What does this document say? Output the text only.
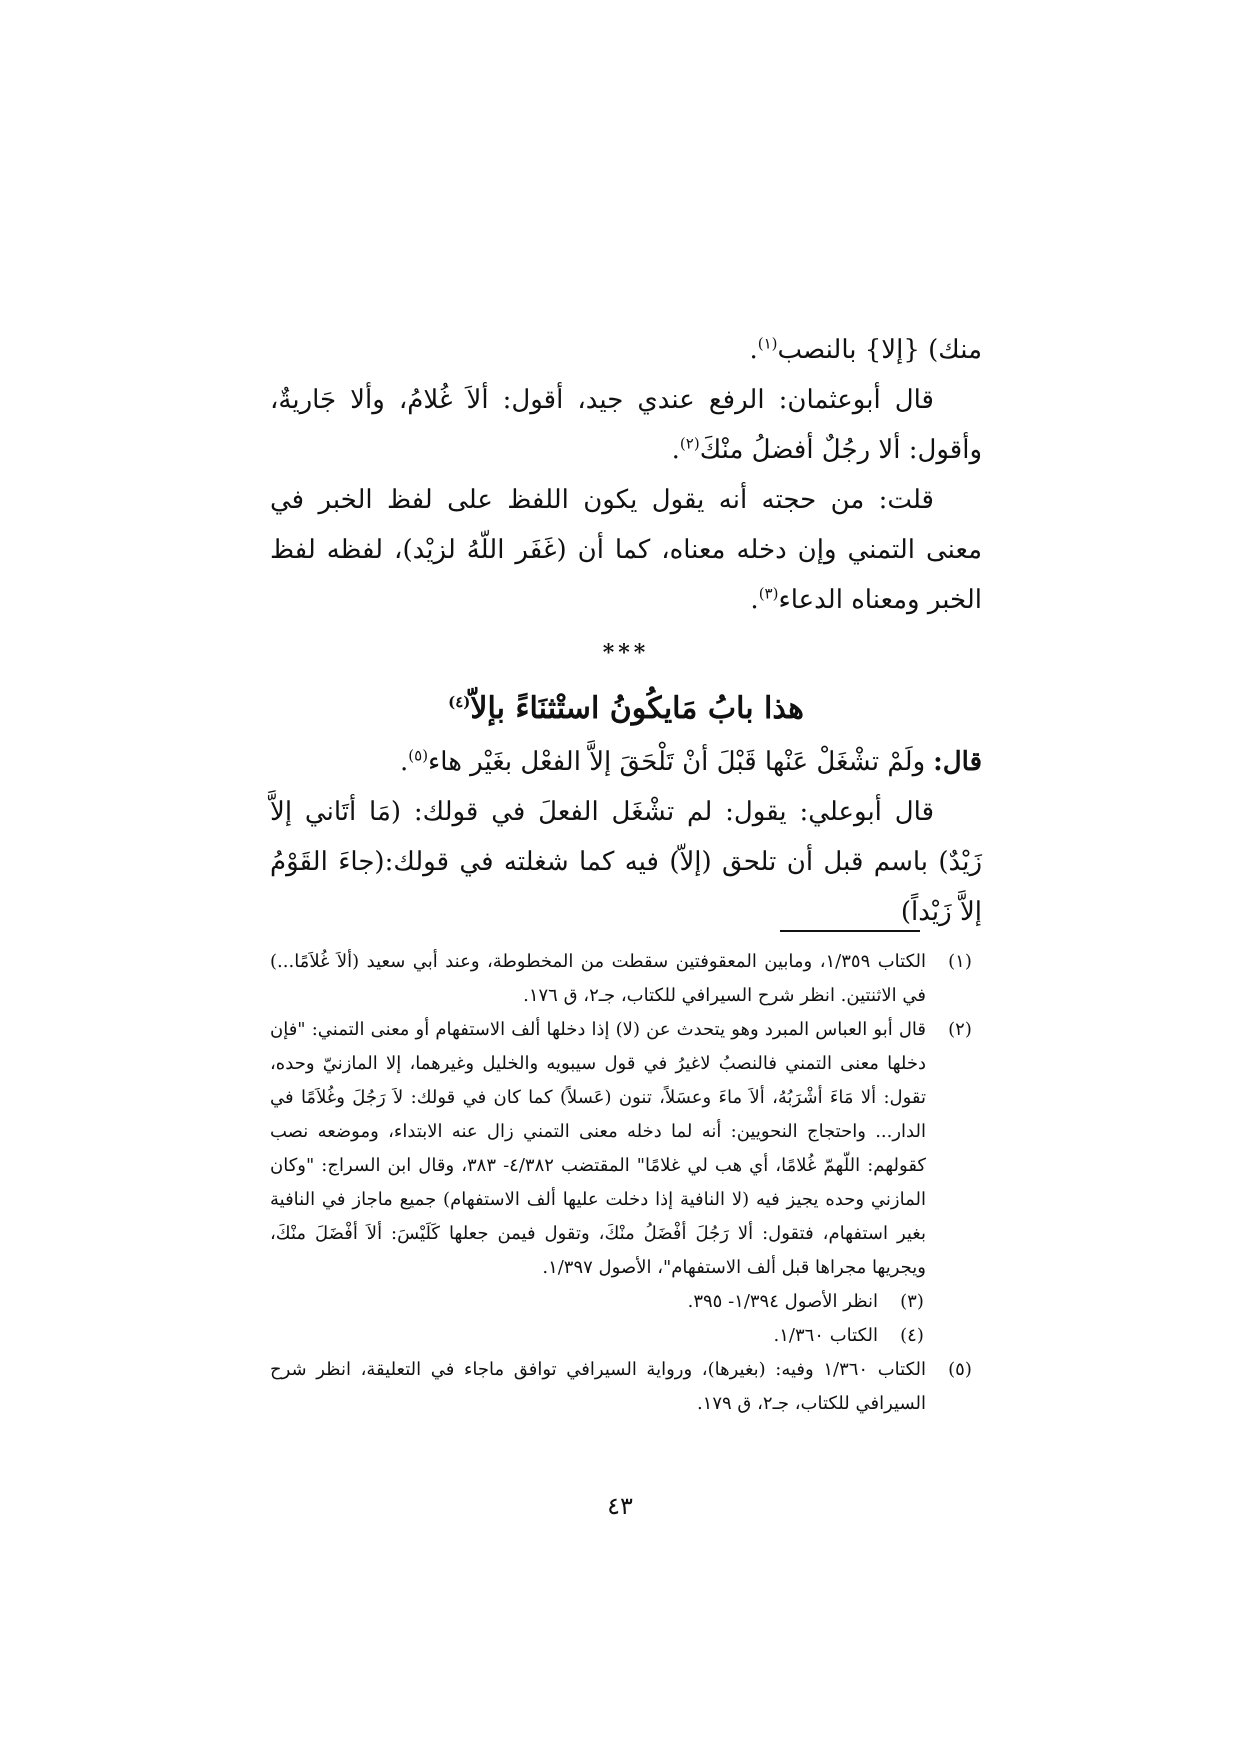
منك) {إلا} بالنصب$^{(١)}$.

قال أبوعثمان: الرفع عندي جيد، أقول: ألاَ غُلامُ، وألا جَاريةٌ، وأقول: ألا رجُلٌ أفضلُ منْكَ$^{(٢)}$.

قلت: من حجته أنه يقول يكون اللفظ على لفظ الخبر في معنى التمني وإن دخله معناه، كما أن (غَفَر اللّهُ لزيْد)، لفظه لفظ الخبر ومعناه الدعاء$^{(٣)}$.

***

هذا بابُ مَايكُونُ استْثنَاءً بإلاّ$^{(٤)}$

قال:ولَمْ تشْغَلْ عَنْها قَبْلَ أنْ تَلْحَقَ إلاَّ الفعْل بغَيْر هاء$^{(٥)}$.

قال أبوعلي: يقول: لم تشْغَل الفعلَ في قولك: (مَا أتَاني إلاَّ زَيْدٌ) باسم قبل أن تلحق (إلاّ) فيه كما شغلته في قولك:(جاءَ القَوْمُ إلاَّ زَيْداً)

(١)
الكتاب ١/٣٥٩، ومابين المعقوفتين سقطت من المخطوطة، وعند أبي سعيد (ألاَ غُلاَمًا...) في الاثنتين. انظر شرح السيرافي للكتاب، جـ٢، ق ١٧٦.

(٢)
قال أبو العباس المبرد وهو يتحدث عن (لا) إذا دخلها ألف الاستفهام أو معنى التمني: "فإن دخلها معنى التمني فالنصبُ لاغيرُ في قول سيبويه والخليل وغيرهما، إلا المازنيّ وحده، تقول: ألا مَاءَ أشْرَبُهُ، ألاَ ماءَ وعسَلاً، تنون (عَسلاً) كما كان في قولك: لاَ رَجُلَ وغُلاَمًا في الدار... واحتجاج النحويين: أنه لما دخله معنى التمني زال عنه الابتداء، وموضعه نصب كقولهم: اللّهمّ غُلامًا، أي هب لي غلامًا" المقتضب ٤/٣٨٢- ٣٨٣، وقال ابن السراج: "وكان المازني وحده يجيز فيه (لا النافية إذا دخلت عليها ألف الاستفهام) جميع ماجاز في النافية بغير استفهام، فتقول: ألا رَجُلَ أفْضَلُ منْكَ، وتقول فيمن جعلها كَلَيْسَ: ألاَ أفْضَلَ منْكَ، ويجريها مجراها قبل ألف الاستفهام"، الأصول ١/٣٩٧.

(٣)
انظر الأصول ١/٣٩٤- ٣٩٥.

(٤)
الكتاب ١/٣٦٠.

(٥)
الكتاب ١/٣٦٠ وفيه: (بغيرها)، ورواية السيرافي توافق ماجاء في التعليقة، انظر شرح السيرافي للكتاب، جـ٢، ق ١٧٩.

٤٣
